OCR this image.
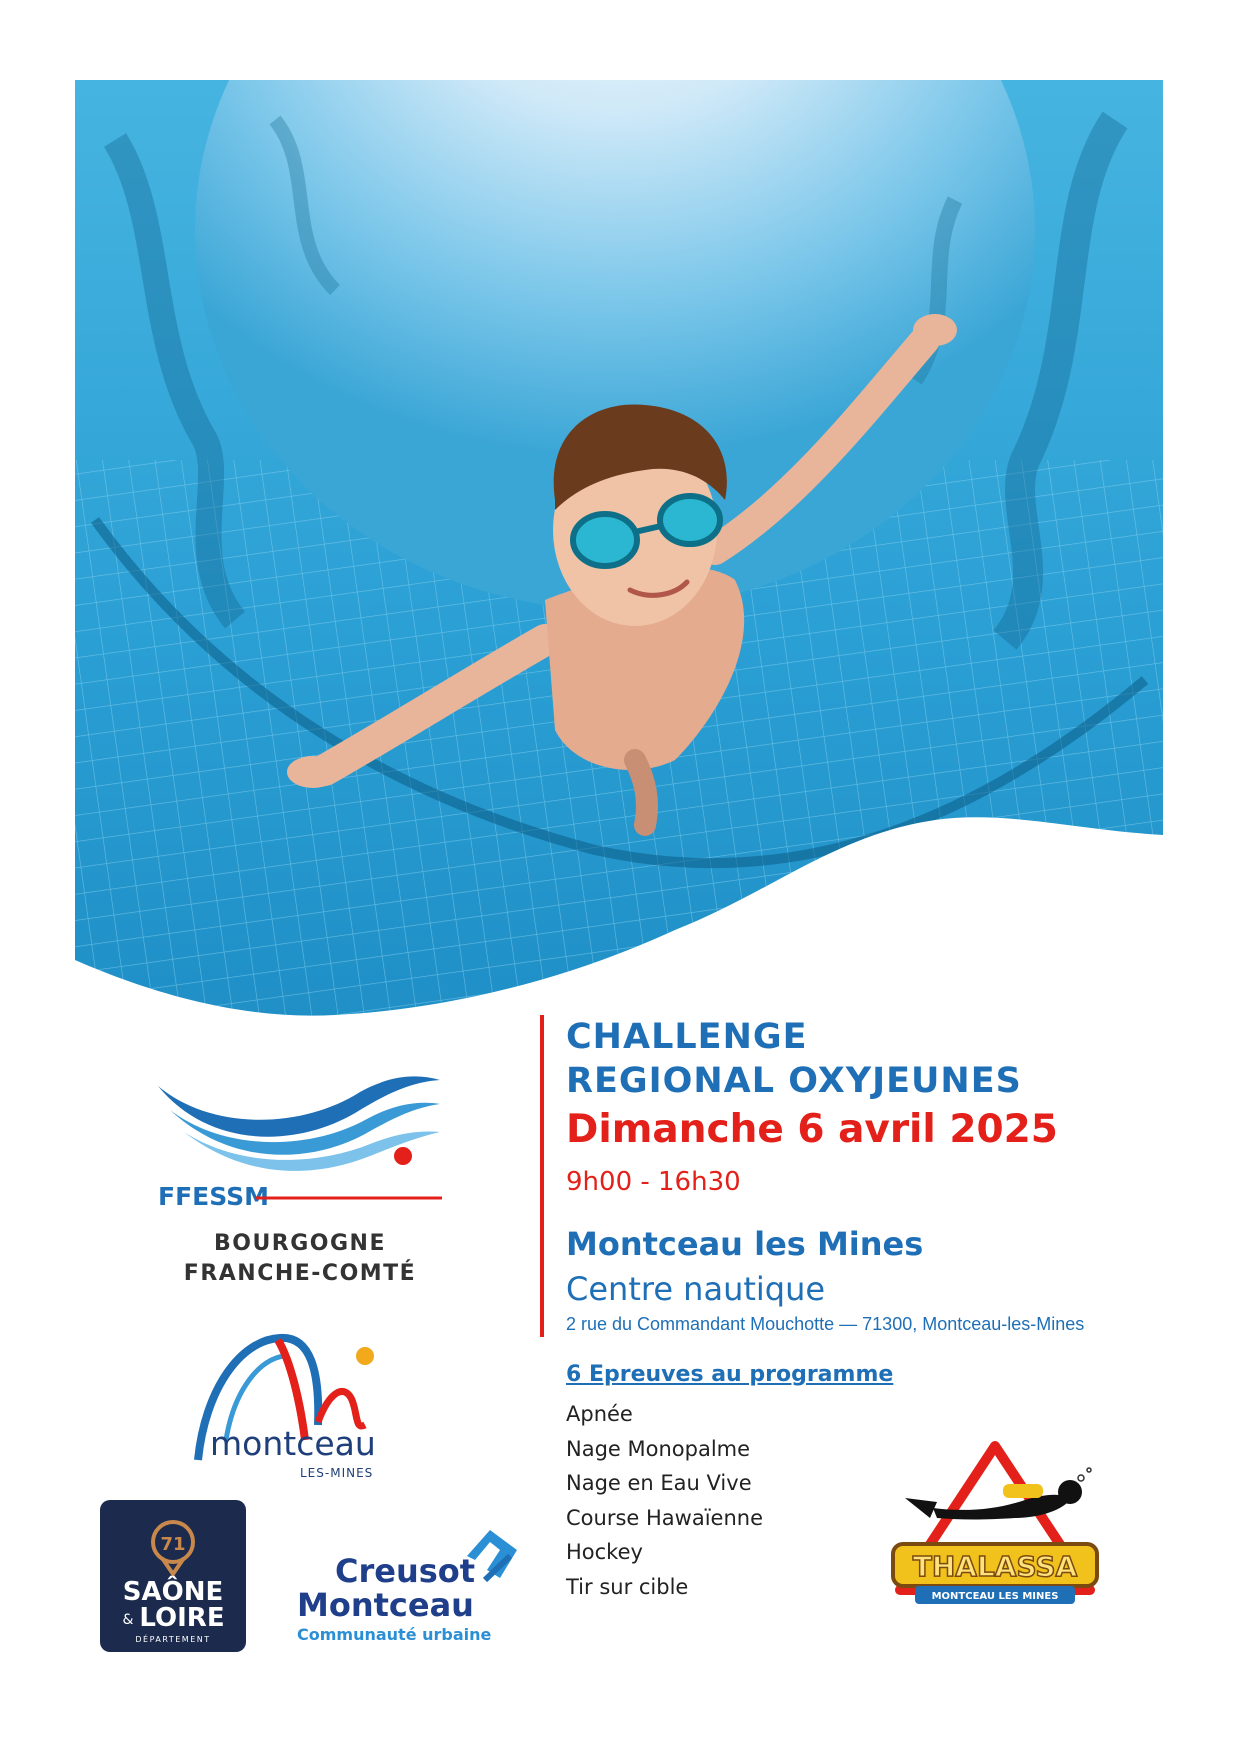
CHALLENGE
REGIONAL OXYJEUNES
Dimanche 6 avril 2025
9h00 - 16h30
Montceau les Mines
Centre nautique
2 rue du Commandant Mouchotte — 71300, Montceau-les-Mines
6 Epreuves au programme
Apnée
Nage Monopalme
Nage en Eau Vive
Course Hawaïenne
Hockey
Tir sur cible
FFESSM
BOURGOGNE
FRANCHE-COMTÉ
montceau
LES-MINES
71
SAÔNE
& LOIRE
DÉPARTEMENT
Creusot
Montceau
Communauté urbaine
THALASSA
MONTCEAU LES MINES
